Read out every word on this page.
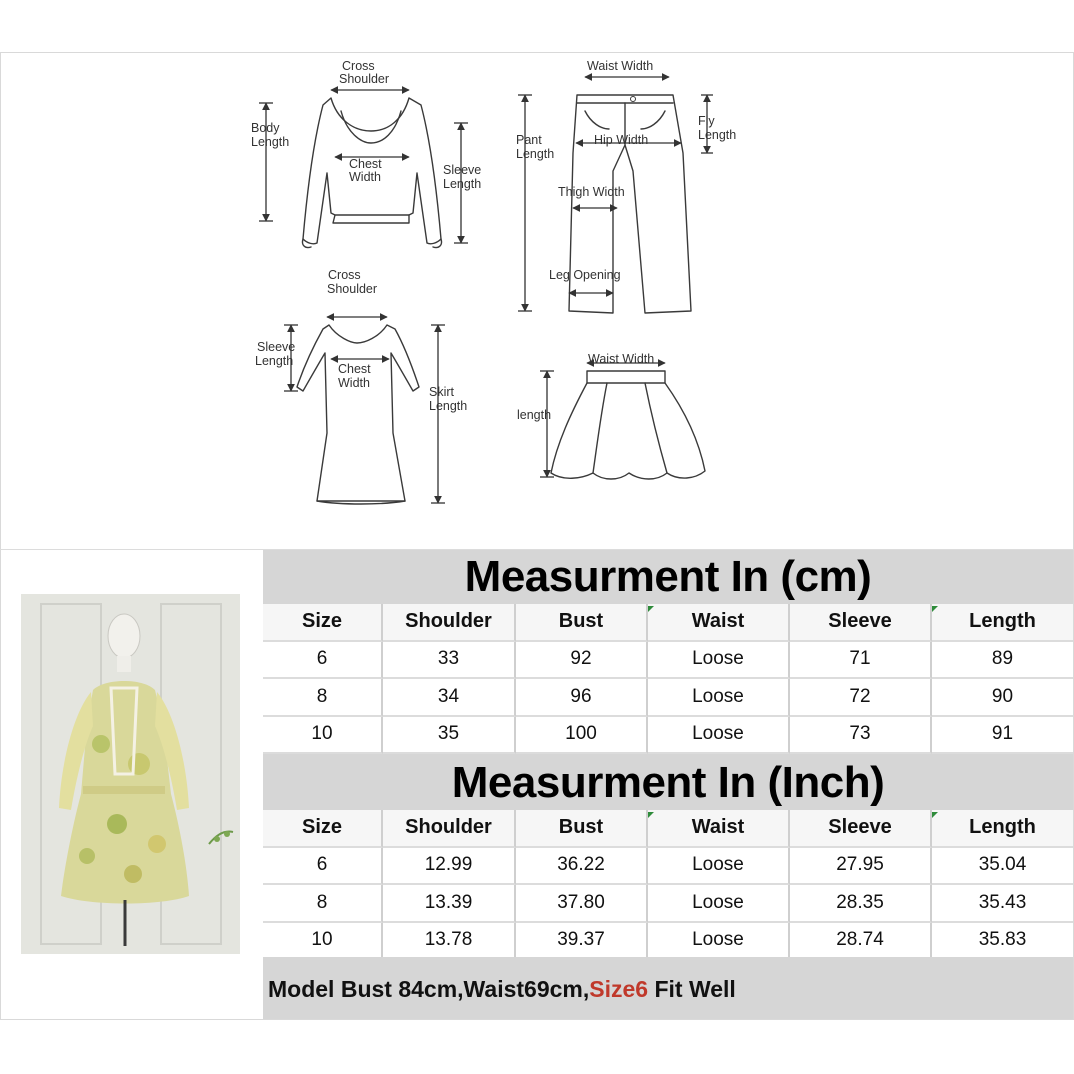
Cross
Shoulder
Body
Length
Chest
Width	Sleeve
Length
Waist Width
Pant
Length
Hip Width
Fly
Length
Thigh Width
Leg Opening
Cross
Shoulder
Sleeve
Length
Chest
Width
Skirt
Length
Waist Width
length
Measurment In (cm)
Size	Shoulder	Bust	Waist	Sleeve	Length
6	33	92	Loose	71	89
8	34	96	Loose	72	90
10	35	100	Loose	73	91
Measurment In (Inch)
Size	Shoulder	Bust	Waist	Sleeve	Length
6	12.99	36.22	Loose	27.95	35.04
8	13.39	37.80	Loose	28.35	35.43
10	13.78	39.37	Loose	28.74	35.83
Model Bust 84cm,Waist69cm,Size6 Fit Well
